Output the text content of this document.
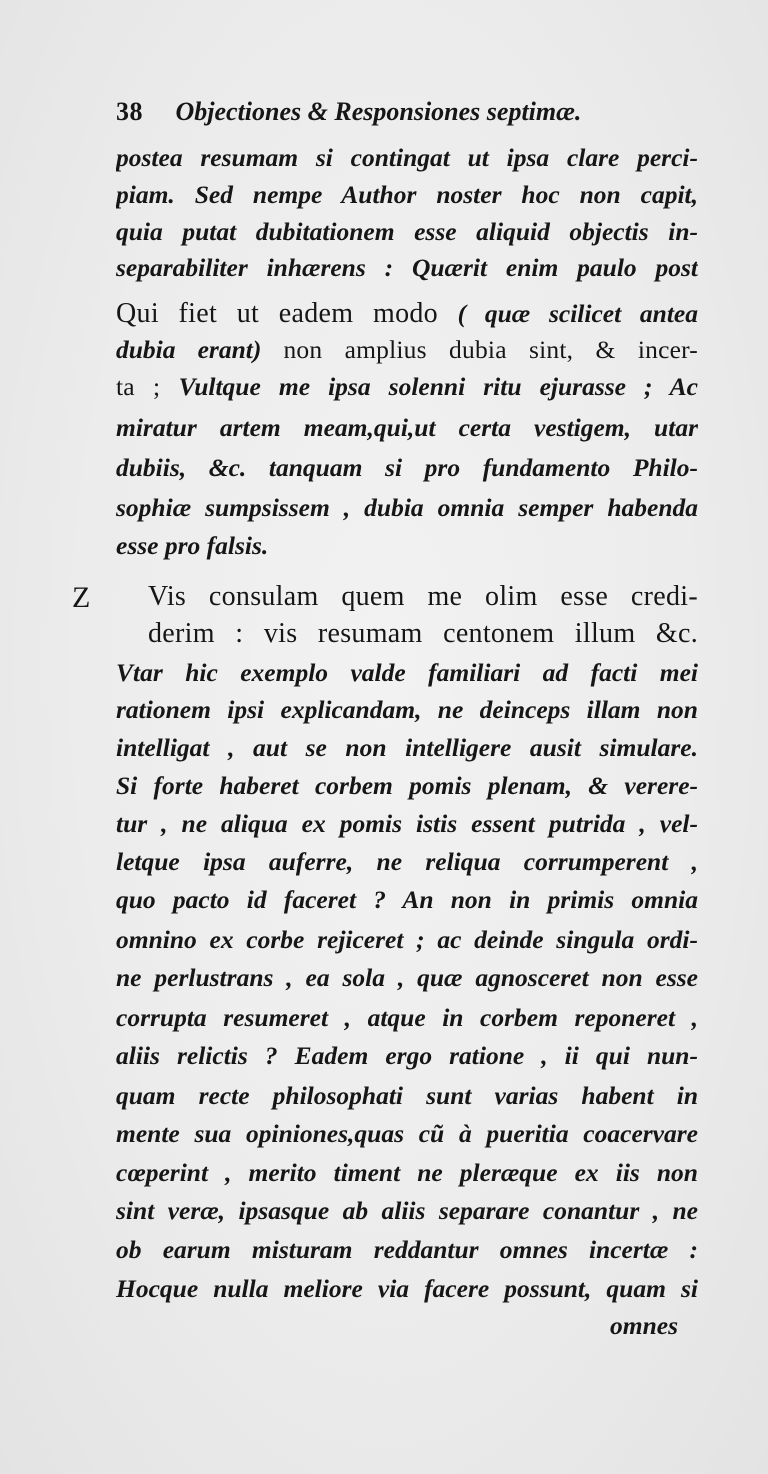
38 Objectiones & Responsiones septimæ.
Z
postea resumam si contingat ut ipsa clare perci-
piam. Sed nempe Author noster hoc non capit,
quia putat dubitationem esse aliquid objectis in-
separabiliter inhærens : Quærit enim paulo post
Qui fiet ut eadem modo ( quæ scilicet antea
dubia erant) non amplius dubia sint, & incer-
ta ; Vultque me ipsa solenni ritu ejurasse ; Ac
miratur artem meam,qui,ut certa vestigem, utar
dubiis, &c. tanquam si pro fundamento Philo-
sophiæ sumpsissem , dubia omnia semper habenda
esse pro falsis.
Vis consulam quem me olim esse credi-
derim : vis resumam centonem illum &c.
Vtar hic exemplo valde familiari ad facti mei
rationem ipsi explicandam, ne deinceps illam non
intelligat , aut se non intelligere ausit simulare.
Si forte haberet corbem pomis plenam, & verere-
tur , ne aliqua ex pomis istis essent putrida , vel-
letque ipsa auferre, ne reliqua corrumperent ,
quo pacto id faceret ? An non in primis omnia
omnino ex corbe rejiceret ; ac deinde singula ordi-
ne perlustrans , ea sola , quæ agnosceret non esse
corrupta resumeret , atque in corbem reponeret ,
aliis relictis ? Eadem ergo ratione , ii qui nun-
quam recte philosophati sunt varias habent in
mente sua opiniones,quas cũ à pueritia coacervare
cœperint , merito timent ne pleræque ex iis non
sint veræ, ipsasque ab aliis separare conantur , ne
ob earum misturam reddantur omnes incertæ :
Hocque nulla meliore via facere possunt, quam si
omnes
